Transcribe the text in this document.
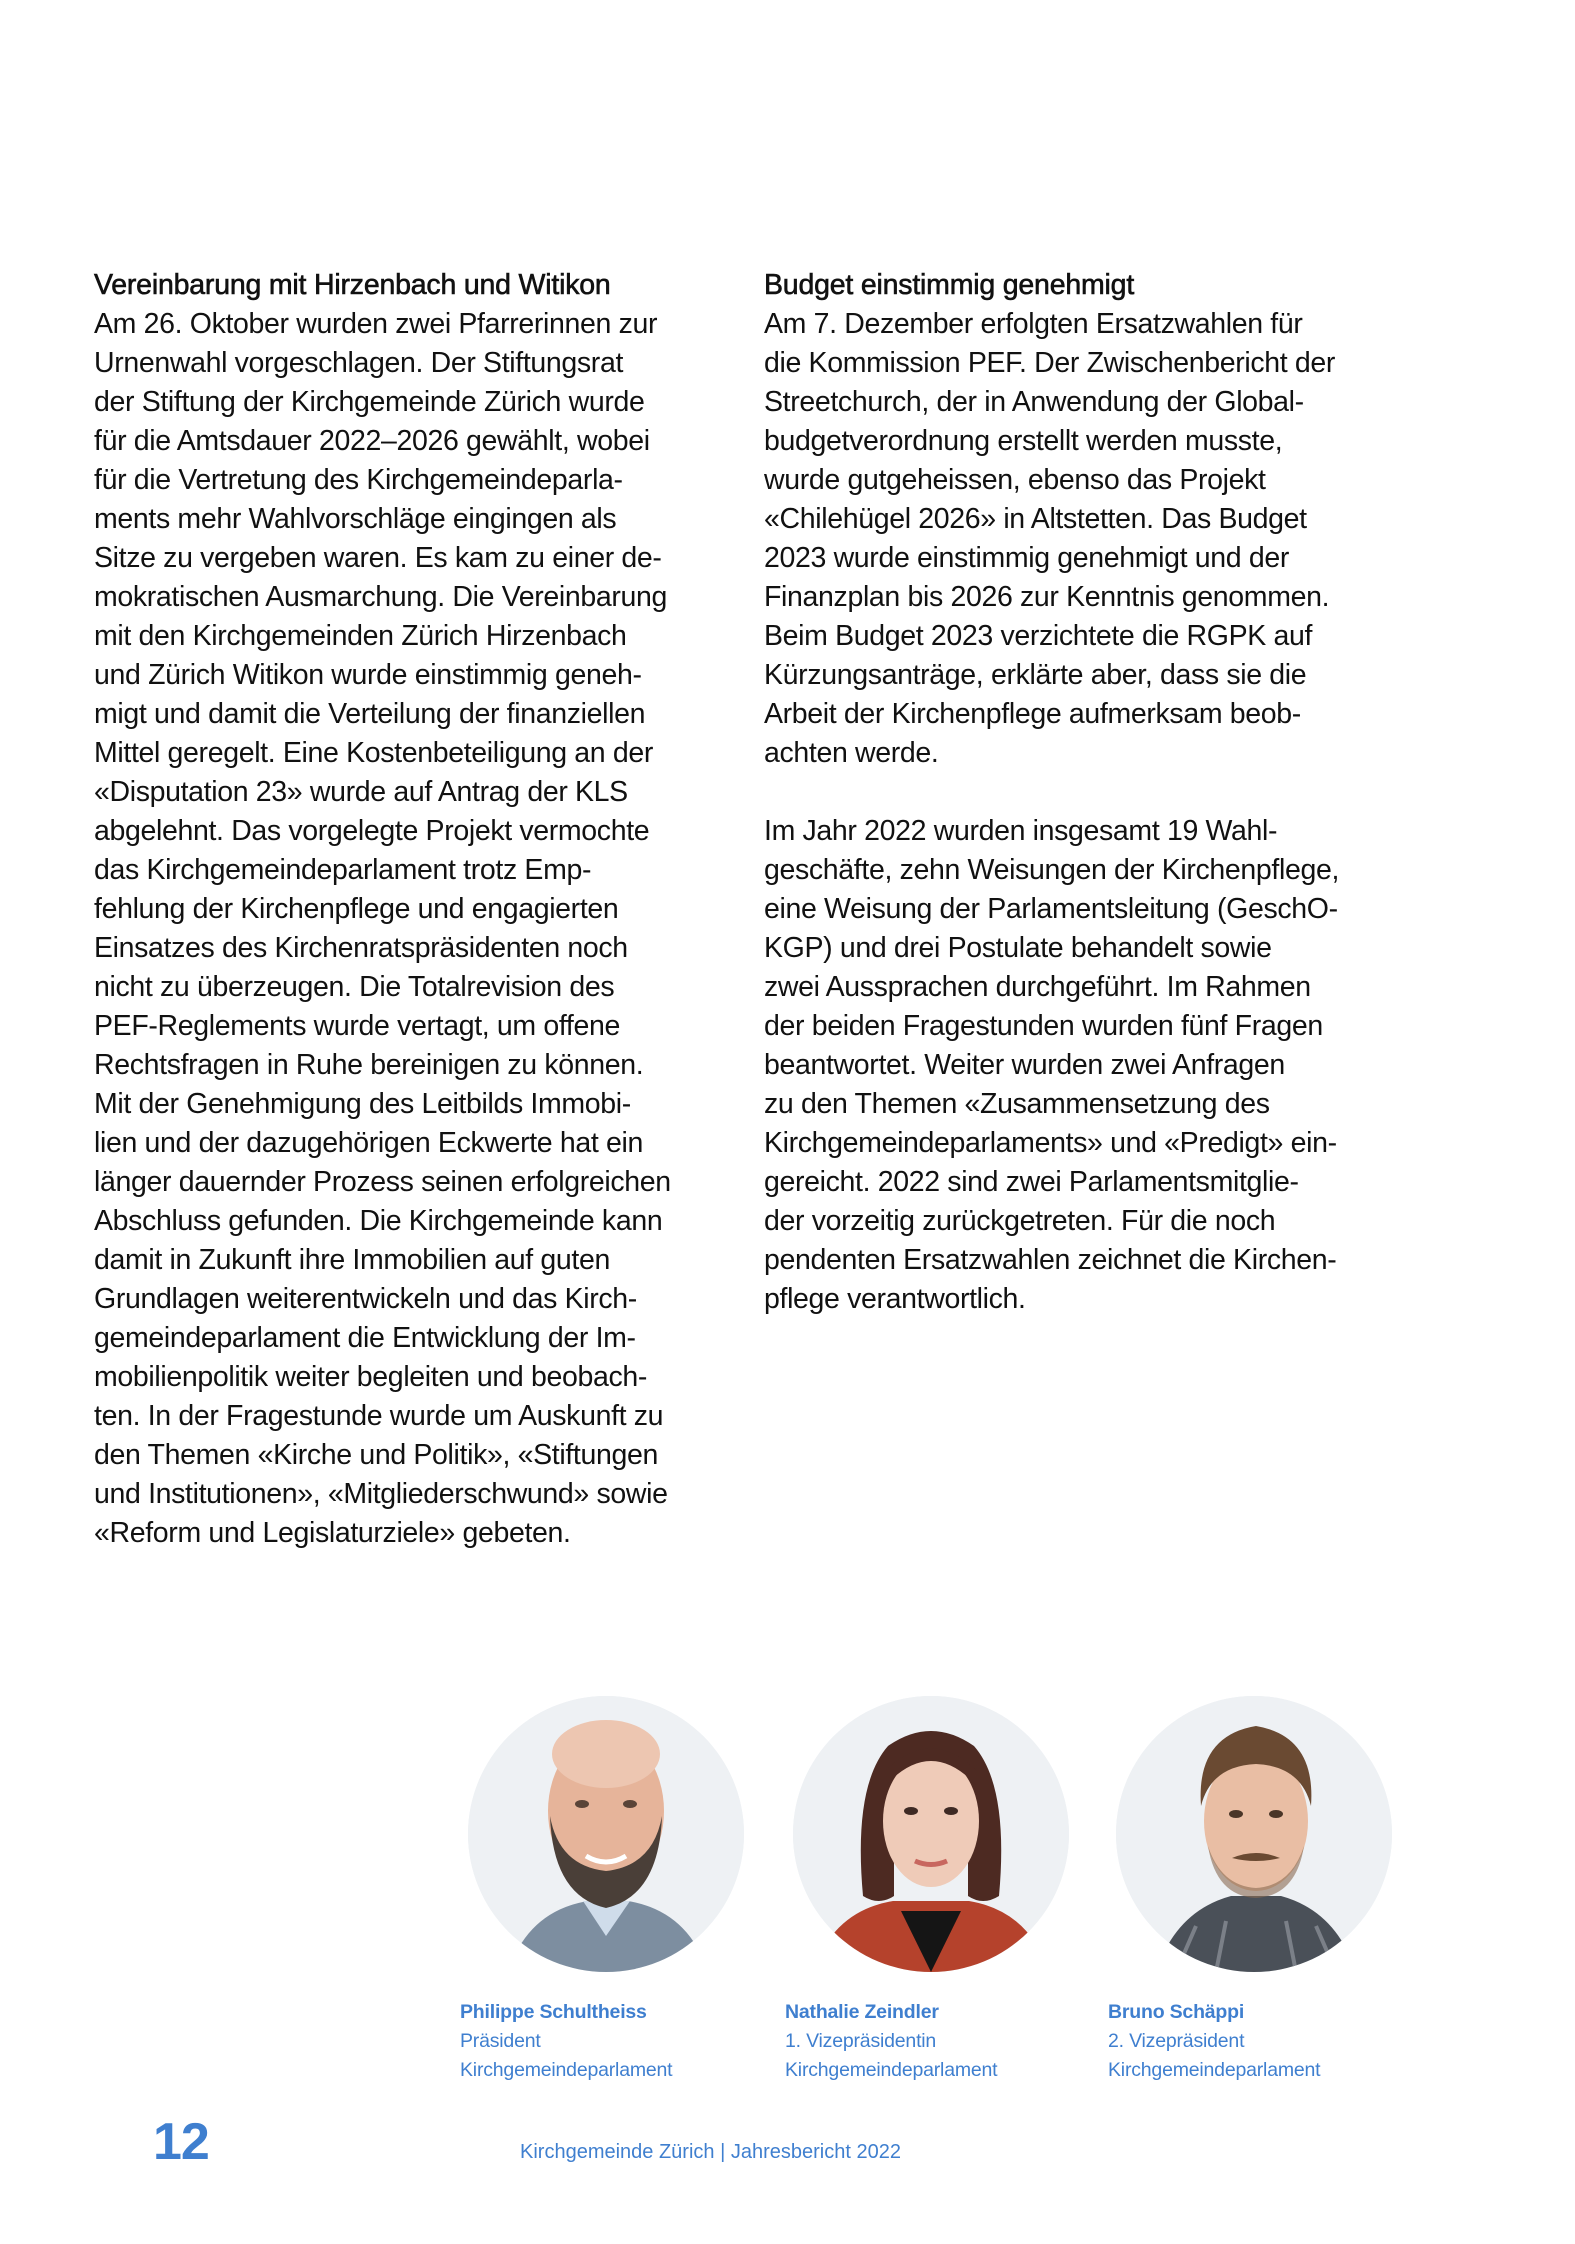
Vereinbarung mit Hirzenbach und Witikon
Am 26. Oktober wurden zwei Pfarrerinnen zur
Urnenwahl vorgeschlagen. Der Stiftungsrat
der Stiftung der Kirchgemeinde Zürich wurde
für die Amtsdauer 2022–2026 gewählt, wobei
für die Vertretung des Kirchgemeindeparla-
ments mehr Wahlvorschläge eingingen als
Sitze zu vergeben waren. Es kam zu einer de-
mokratischen Ausmarchung. Die Vereinbarung
mit den Kirchgemeinden Zürich Hirzenbach
und Zürich Witikon wurde einstimmig geneh-
migt und damit die Verteilung der finanziellen
Mittel geregelt. Eine Kostenbeteiligung an der
«Disputation 23» wurde auf Antrag der KLS
abgelehnt. Das vorgelegte Projekt vermochte
das Kirchgemeindeparlament trotz Emp-
fehlung der Kirchenpflege und engagierten
Einsatzes des Kirchenratspräsidenten noch
nicht zu überzeugen. Die Totalrevision des
PEF-Reglements wurde vertagt, um offene
Rechtsfragen in Ruhe bereinigen zu können.
Mit der Genehmigung des Leitbilds Immobi-
lien und der dazugehörigen Eckwerte hat ein
länger dauernder Prozess seinen erfolgreichen
Abschluss gefunden. Die Kirchgemeinde kann
damit in Zukunft ihre Immobilien auf guten
Grundlagen weiterentwickeln und das Kirch-
gemeindeparlament die Entwicklung der Im-
mobilienpolitik weiter begleiten und beobach-
ten. In der Fragestunde wurde um Auskunft zu
den Themen «Kirche und Politik», «Stiftungen
und Institutionen», «Mitgliederschwund» sowie
«Reform und Legislaturziele» gebeten.
Budget einstimmig genehmigt
Am 7. Dezember erfolgten Ersatzwahlen für
die Kommission PEF. Der Zwischenbericht der
Streetchurch, der in Anwendung der Global-
budgetverordnung erstellt werden musste,
wurde gutgeheissen, ebenso das Projekt
«Chilehügel 2026» in Altstetten. Das Budget
2023 wurde einstimmig genehmigt und der
Finanzplan bis 2026 zur Kenntnis genommen.
Beim Budget 2023 verzichtete die RGPK auf
Kürzungsanträge, erklärte aber, dass sie die
Arbeit der Kirchenpflege aufmerksam beob-
achten werde.
Im Jahr 2022 wurden insgesamt 19 Wahl-
geschäfte, zehn Weisungen der Kirchenpflege,
eine Weisung der Parlamentsleitung (GeschO-
KGP) und drei Postulate behandelt sowie
zwei Aussprachen durchgeführt. Im Rahmen
der beiden Fragestunden wurden fünf Fragen
beantwortet. Weiter wurden zwei Anfragen
zu den Themen «Zusammensetzung des
Kirchgemeindeparlaments» und «Predigt» ein-
gereicht. 2022 sind zwei Parlamentsmitglie-
der vorzeitig zurückgetreten. Für die noch
pendenten Ersatzwahlen zeichnet die Kirchen-
pflege verantwortlich.
Philippe Schultheiss
Präsident
Kirchgemeindeparlament
Nathalie Zeindler
1. Vizepräsidentin
Kirchgemeindeparlament
Bruno Schäppi
2. Vizepräsident
Kirchgemeindeparlament
12	Kirchgemeinde Zürich | Jahresbericht 2022
